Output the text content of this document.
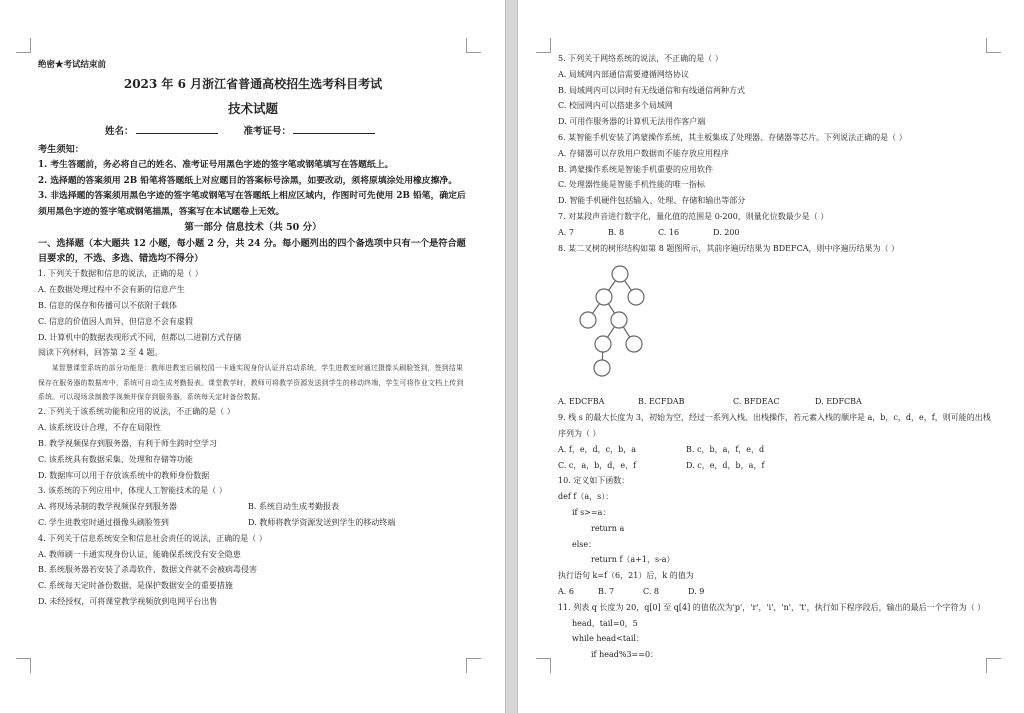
绝密★考试结束前
2023 年 6 月浙江省普通高校招生选考科目考试
技术试题
姓名：	准考证号：
考生须知：
1. 考生答题前，务必将自己的姓名、准考证号用黑色字迹的签字笔或钢笔填写在答题纸上。
2. 选择题的答案须用 2B 铅笔将答题纸上对应题目的答案标号涂黑，如要改动，须将原填涂处用橡皮擦净。
3. 非选择题的答案须用黑色字迹的签字笔或钢笔写在答题纸上相应区域内，作图时可先使用 2B 铅笔，确定后须用黑色字迹的签字笔或钢笔描黑，答案写在本试题卷上无效。
第一部分 信息技术（共 50 分）
一、选择题（本大题共 12 小题，每小题 2 分，共 24 分。每小题列出的四个备选项中只有一个是符合题目要求的，不选、多选、错选均不得分）
1. 下列关于数据和信息的说法，正确的是（ ）
A. 在数据处理过程中不会有新的信息产生
B. 信息的保存和传播可以不依附于载体
C. 信息的价值因人而异，但信息不会有虚假
D. 计算机中的数据表现形式不同，但都以二进制方式存储
阅读下列材料，回答第 2 至 4 题。
某智慧课堂系统的部分功能是：教师进教室后刷校园一卡通实现身份认证并启动系统，学生进教室时通过摄像头刷脸签到，签到结果保存在服务器的数据库中，系统可自动生成考勤报表。课堂教学时，教师可将教学资源发送到学生的移动终端，学生可将作业文档上传到系统。可以现场录制教学视频并保存到服务器，系统每天定时备份数据。
2. 下列关于该系统功能和应用的说法，不正确的是（ ）
A. 该系统设计合理，不存在局限性
B. 教学视频保存到服务器，有利于师生跨时空学习
C. 该系统具有数据采集、处理和存储等功能
D. 数据库可以用于存放该系统中的教师身份数据
3. 该系统的下列应用中，体现人工智能技术的是（ ）
A. 将现场录制的教学视频保存到服务器	B. 系统自动生成考勤报表
C. 学生进教室时通过摄像头刷脸签到	D. 教师将教学资源发送到学生的移动终端
4. 下列关于信息系统安全和信息社会责任的说法，正确的是（ ）
A. 教师刷一卡通实现身份认证，能确保系统没有安全隐患
B. 系统服务器若安装了杀毒软件，数据文件就不会被病毒侵害
C. 系统每天定时备份数据，是保护数据安全的重要措施
D. 未经授权，可将课堂教学视频放到电网平台出售
5. 下列关于网络系统的说法，不正确的是（ ）
A. 局域网内部通信需要遵循网络协议
B. 局域网内可以同时有无线通信和有线通信两种方式
C. 校园网内可以搭建多个局域网
D. 可用作服务器的计算机无法用作客户端
6. 某智能手机安装了鸿蒙操作系统，其主板集成了处理器、存储器等芯片。下列说法正确的是（ ）
A. 存储器可以存放用户数据而不能存放应用程序
B. 鸿蒙操作系统是智能手机重要的应用软件
C. 处理器性能是智能手机性能的唯一指标
D. 智能手机硬件包括输入、处理、存储和输出等部分
7. 对某段声音进行数字化，量化值的范围是 0-200，则量化位数最少是（ ）
A. 7	B. 8	C. 16	D. 200
8. 某二叉树的树形结构如第 8 题图所示，其前序遍历结果为 BDEFCA，则中序遍历结果为（ ）
A. EDCFBA	B. ECFDAB	C. BFDEAC	D. EDFCBA
9. 栈 s 的最大长度为 3，初始为空，经过一系列入栈、出栈操作，若元素入栈的顺序是 a，b，c，d，e，f，则可能的出栈序列为（ ）
A. f，e，d，c，b，a	B. c，b，a，f，e，d
C. c，a，b，d，e，f	D. c，e，d，b，a，f
10. 定义如下函数：
def f（a，s）：
if s>=a：
return a
else：
return f（a+1，s-a）
执行语句 k=f（6，21）后，k 的值为
A. 6	B. 7	C. 8	D. 9
11. 列表 q 长度为 20，q[0] 至 q[4] 的值依次为'p'，'r'，'i'，'n'，'t'，执行如下程序段后，输出的最后一个字符为（ ）
head，tail=0，5
while head<tail：
if head%3==0：
